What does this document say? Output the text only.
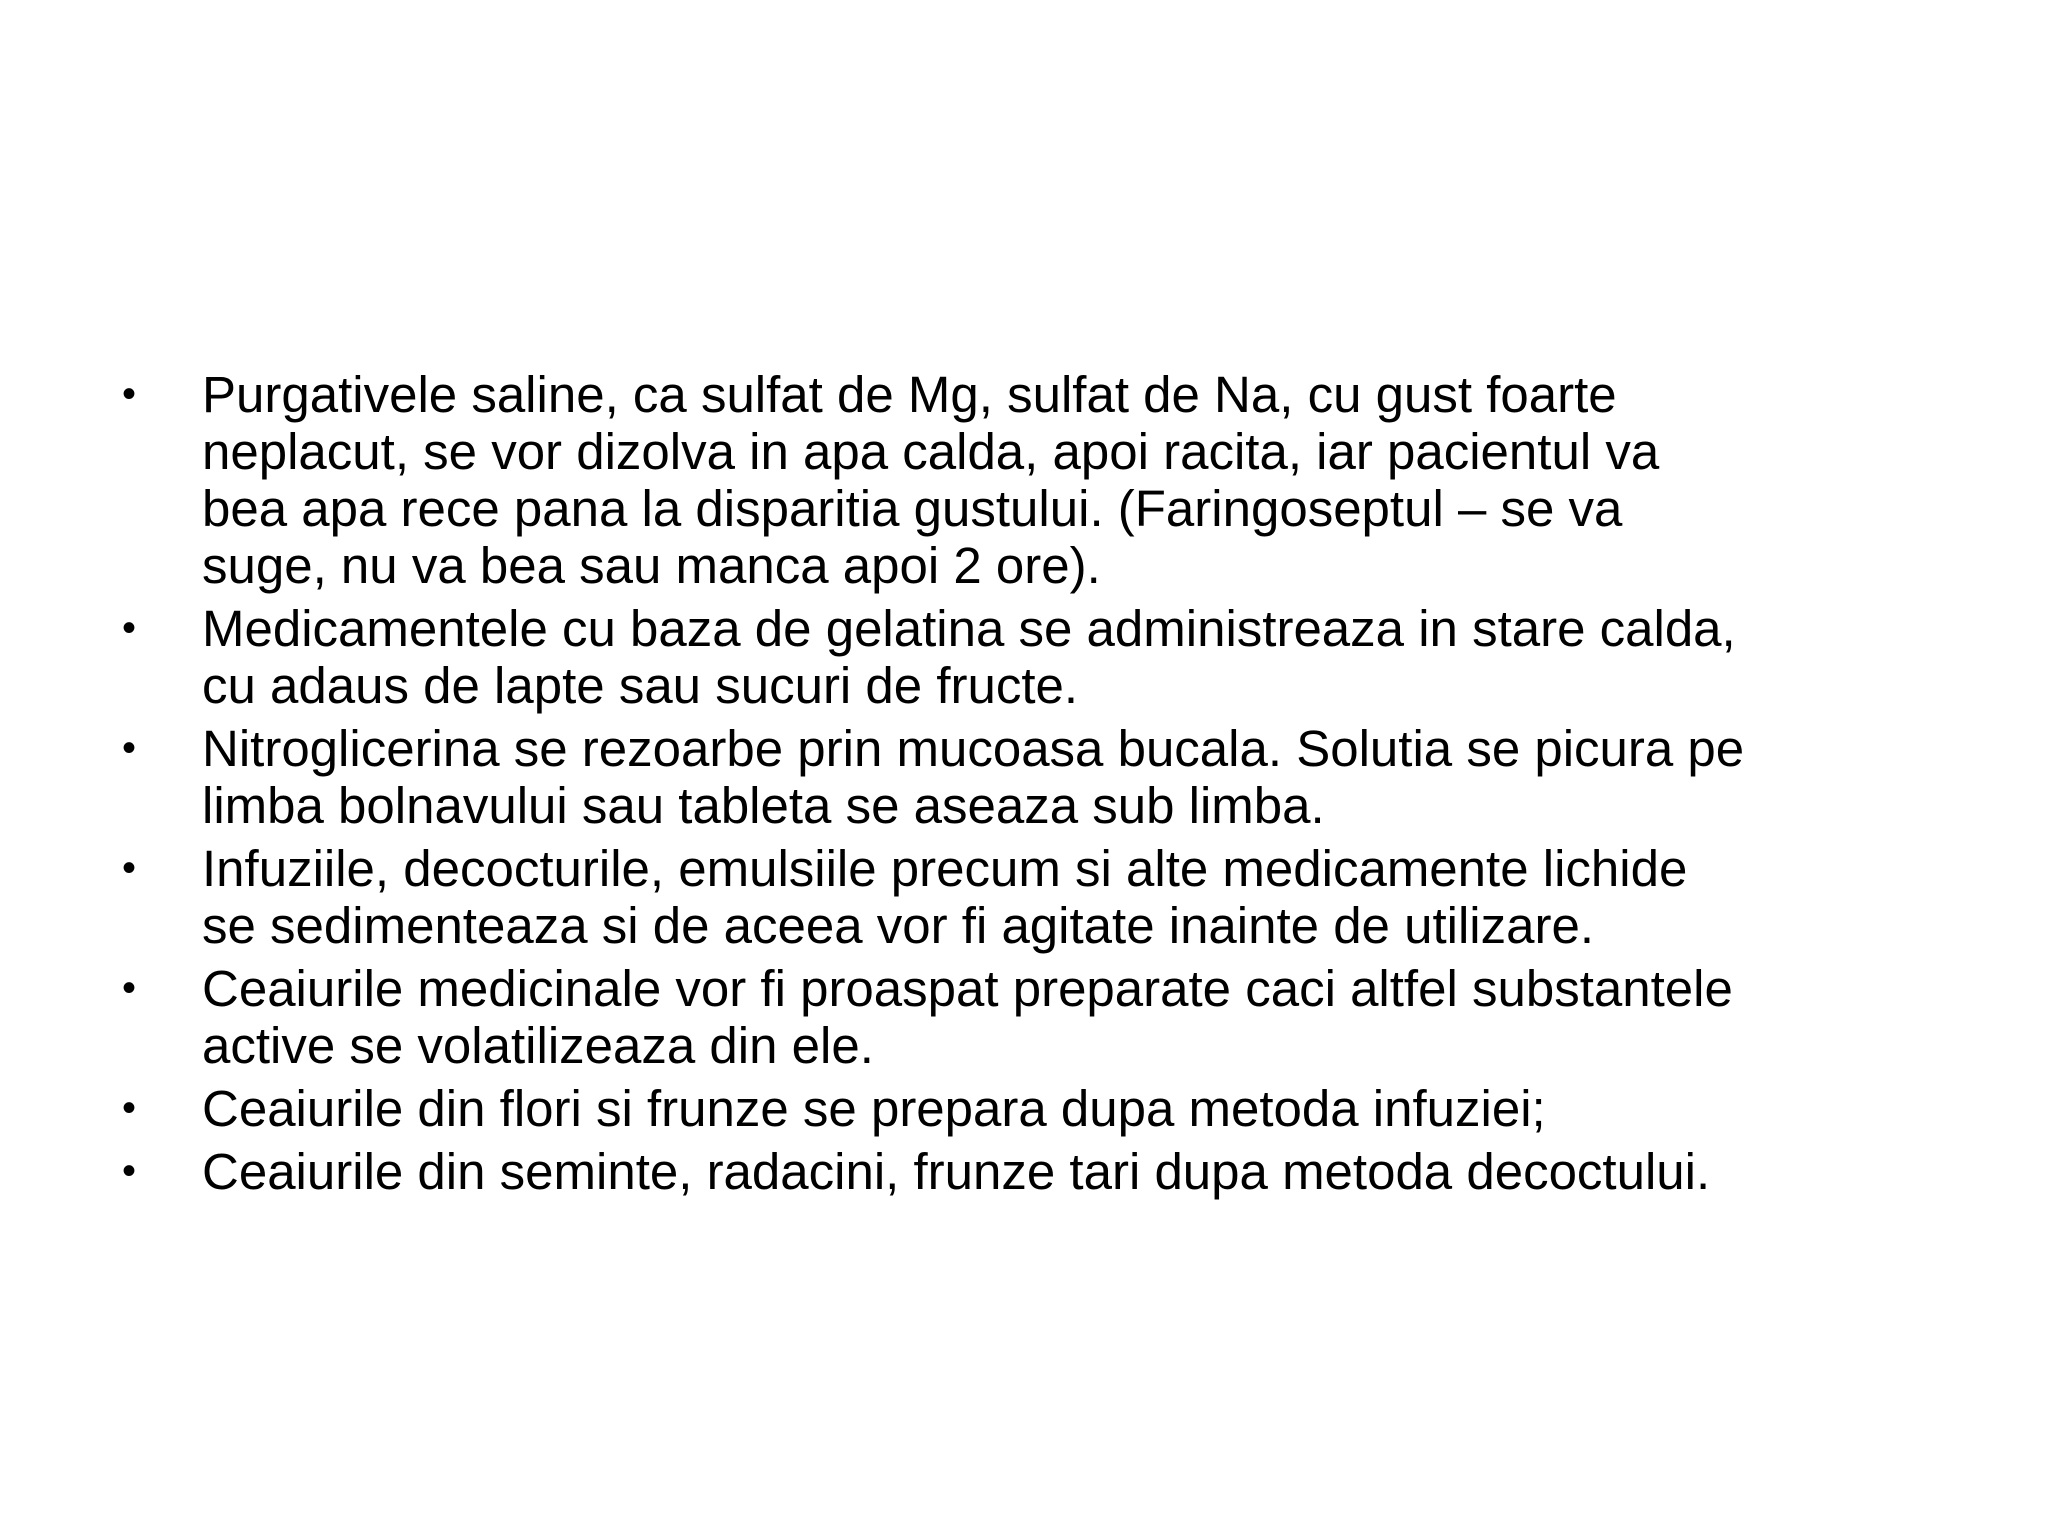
•	Purgativele saline, ca sulfat de Mg, sulfat de Na, cu gust foarte
neplacut, se vor dizolva in apa calda, apoi racita, iar pacientul va
bea apa rece pana la disparitia gustului. (Faringoseptul – se va
suge, nu va bea sau manca apoi 2 ore).
•	Medicamentele cu baza de gelatina se administreaza in stare calda,
cu adaus de lapte sau sucuri de fructe.
•	Nitroglicerina se rezoarbe prin mucoasa bucala. Solutia se picura pe
limba bolnavului sau tableta se aseaza sub limba.
•	Infuziile, decocturile, emulsiile precum si alte medicamente lichide
se sedimenteaza si de aceea vor fi agitate inainte de utilizare.
•	Ceaiurile medicinale vor fi proaspat preparate caci altfel substantele
active se volatilizeaza din ele.
•	Ceaiurile din flori si frunze se prepara dupa metoda infuziei;
•	Ceaiurile din seminte, radacini, frunze tari dupa metoda decoctului.
